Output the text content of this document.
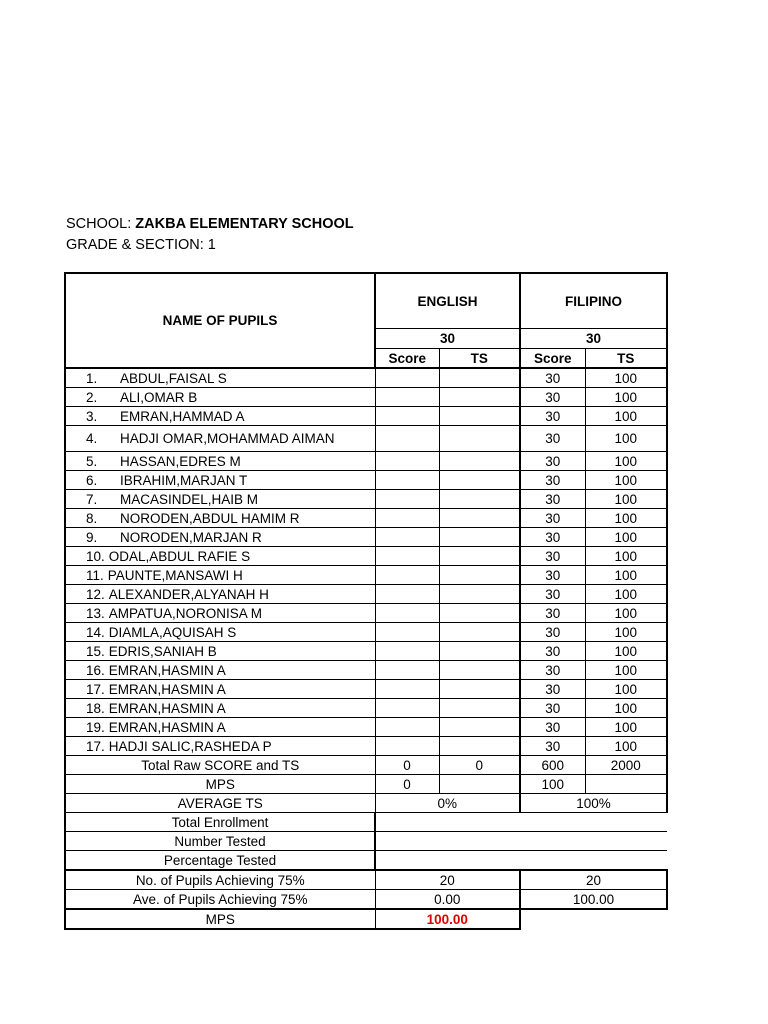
SCHOOL: ZAKBA ELEMENTARY SCHOOL
GRADE & SECTION: 1
NAME OF PUPILS	ENGLISH		FILIPINO	
	30		30	
	Score	TS	Score	TS
1. ABDUL,FAISAL S			30	100
2. ALI,OMAR B			30	100
3. EMRAN,HAMMAD A			30	100
4. HADJI OMAR,MOHAMMAD AIMAN			30	100
5. HASSAN,EDRES M			30	100
6. IBRAHIM,MARJAN T			30	100
7. MACASINDEL,HAIB M			30	100
8. NORODEN,ABDUL HAMIM R			30	100
9. NORODEN,MARJAN R			30	100
10. ODAL,ABDUL RAFIE S			30	100
11. PAUNTE,MANSAWI H			30	100
12. ALEXANDER,ALYANAH H			30	100
13. AMPATUA,NORONISA M			30	100
14. DIAMLA,AQUISAH S			30	100
15. EDRIS,SANIAH B			30	100
16. EMRAN,HASMIN A			30	100
17. EMRAN,HASMIN A			30	100
18. EMRAN,HASMIN A			30	100
19. EMRAN,HASMIN A			30	100
17. HADJI SALIC,RASHEDA P			30	100
Total Raw SCORE and TS	0	0	600	2000
MPS	0		100	
AVERAGE TS	0%		100%	
Total Enrollment				
Number Tested				
Percentage Tested				
No. of Pupils Achieving 75%	20		20	
Ave. of Pupils Achieving 75%	0.00		100.00	
MPS	100.00			
